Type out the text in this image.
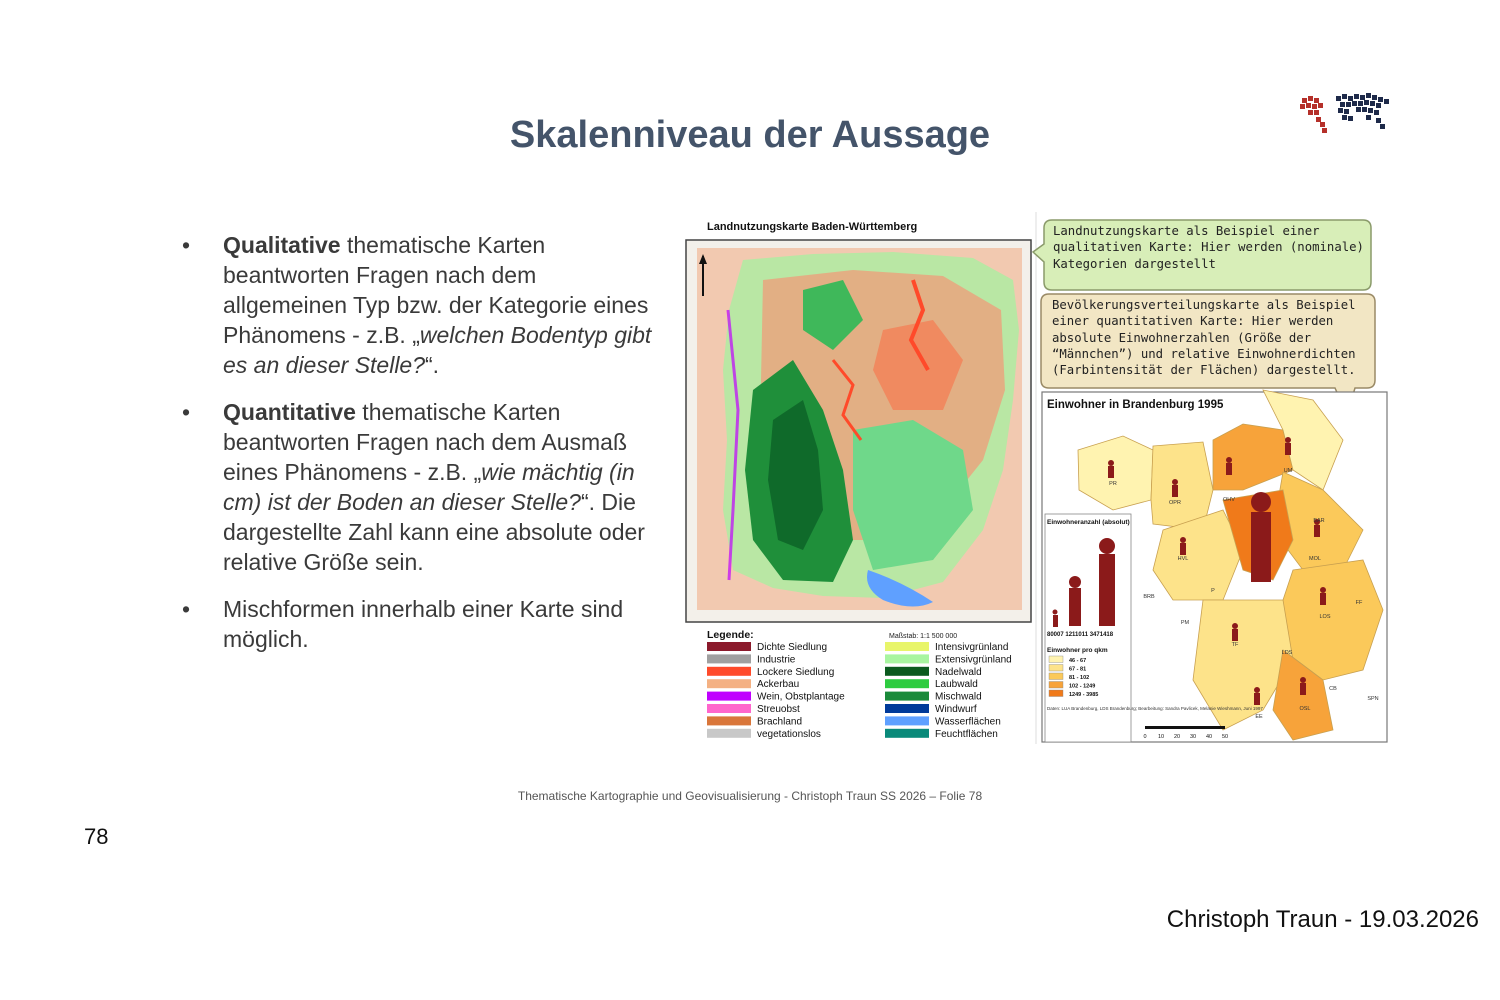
Skalenniveau der Aussage
• Qualitative thematische Karten beantworten Fragen nach dem allgemeinen Typ bzw. der Kategorie eines Phänomens - z.B. „welchen Bodentyp gibt es an dieser Stelle?“.
• Quantitative thematische Karten beantworten Fragen nach dem Ausmaß eines Phänomens - z.B. „wie mächtig (in cm) ist der Boden an dieser Stelle?“. Die dargestellte Zahl kann eine absolute oder relative Größe sein.
• Mischformen innerhalb einer Karte sind möglich.
Landnutzungskarte Baden-Württemberg
Legende:	Maßstab: 1:1 500 000
Dichte Siedlung
Industrie
Lockere Siedlung
Ackerbau
Wein, Obstplantage
Streuobst
Brachland
vegetationslos
Intensivgrünland
Extensivgrünland
Nadelwald
Laubwald
Mischwald
Windwurf
Wasserflächen
Feuchtflächen
Einwohner in Brandenburg 1995
Einwohneranzahl (absolut)
80007 1211011 3471418
Einwohner pro qkm
46 - 67
67 - 81
81 - 102
102 - 1249
1249 - 3985
Daten: LUA Brandenburg, LDS Brandenburg; Bearbeitung: Sandra Pavlicek, Melanie Wieshmann, Juni 1997
0 10 20 30 40 50
PR
OPR	OHV
UM
BAR
HVL	MOL
BRB
P
PM
LOS
FF
TF
LDS
CB
SPN
OSL
EE
Landnutzungskarte als Beispiel einer
qualitativen Karte: Hier werden (nominale)
Kategorien dargestellt
Bevölkerungsverteilungskarte als Beispiel
einer quantitativen Karte: Hier werden
absolute Einwohnerzahlen (Größe der
“Männchen”) und relative Einwohnerdichten
(Farbintensität der Flächen) dargestellt.
Thematische Kartographie und Geovisualisierung - Christoph Traun SS 2026 – Folie 78
78
Christoph Traun - 19.03.2026
